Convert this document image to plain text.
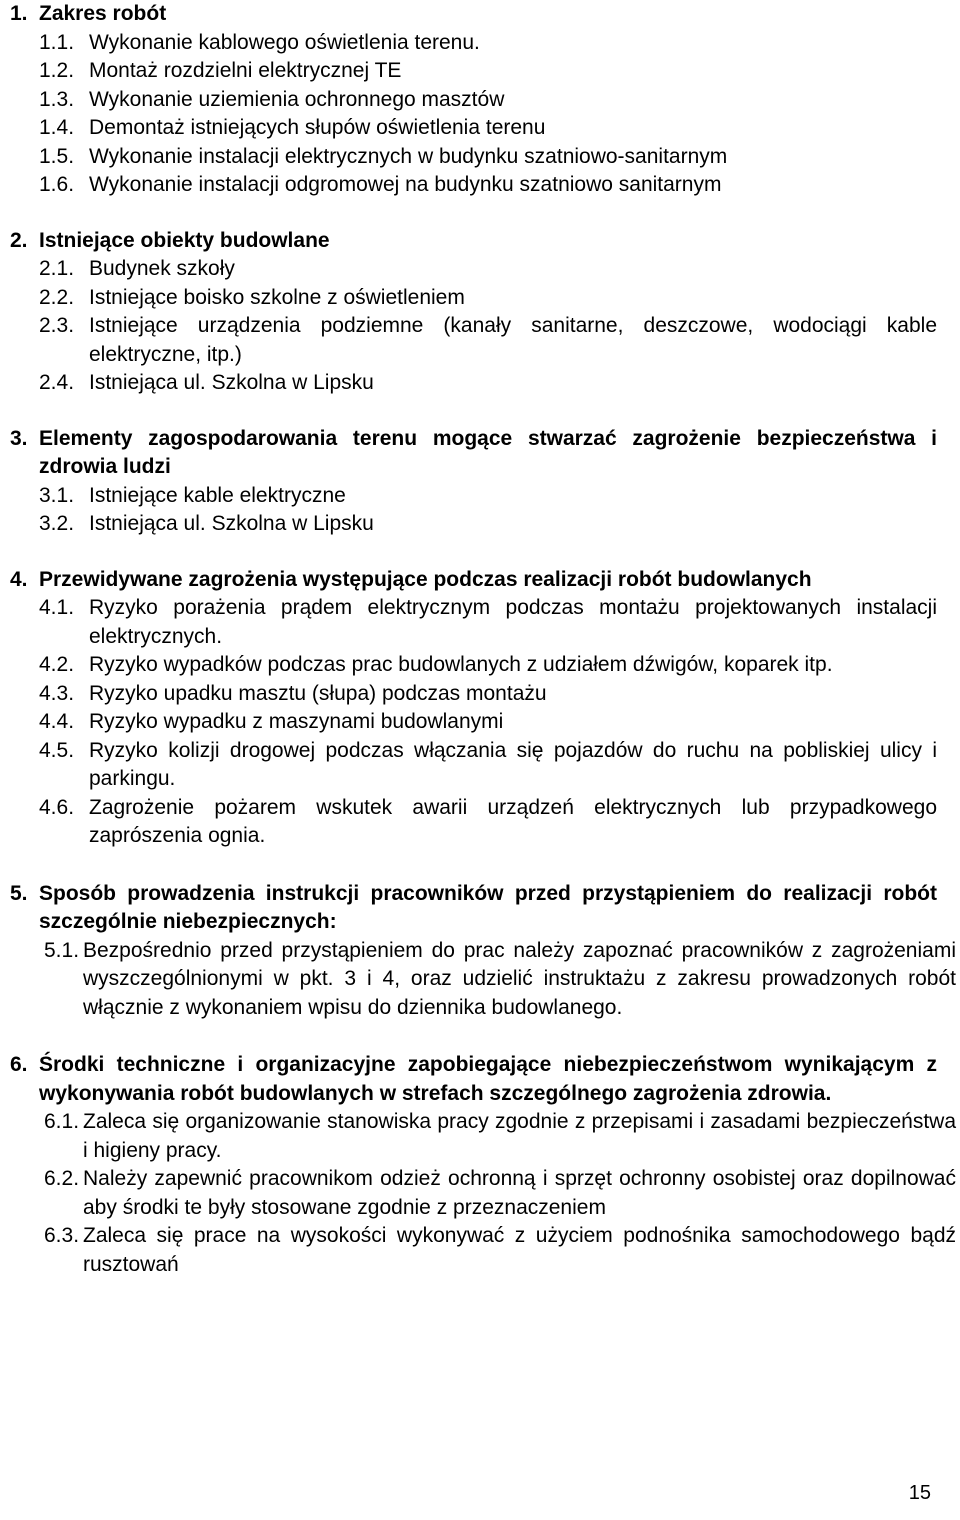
1. Zakres robót
1.1. Wykonanie kablowego oświetlenia terenu.
1.2. Montaż rozdzielni elektrycznej TE
1.3. Wykonanie uziemienia ochronnego masztów
1.4. Demontaż istniejących słupów oświetlenia terenu
1.5. Wykonanie instalacji elektrycznych w budynku szatniowo-sanitarnym
1.6. Wykonanie instalacji odgromowej na budynku szatniowo sanitarnym
2. Istniejące obiekty budowlane
2.1. Budynek szkoły
2.2. Istniejące boisko szkolne z oświetleniem
2.3. Istniejące urządzenia podziemne (kanały sanitarne, deszczowe, wodociągi kable elektryczne, itp.)
2.4. Istniejąca ul. Szkolna w Lipsku
3. Elementy zagospodarowania terenu mogące stwarzać zagrożenie bezpieczeństwa i zdrowia ludzi
3.1. Istniejące kable elektryczne
3.2. Istniejąca ul. Szkolna w Lipsku
4. Przewidywane zagrożenia występujące podczas realizacji robót budowlanych
4.1. Ryzyko porażenia prądem elektrycznym podczas montażu projektowanych instalacji elektrycznych.
4.2. Ryzyko wypadków podczas prac budowlanych z udziałem dźwigów, koparek itp.
4.3. Ryzyko upadku masztu (słupa) podczas montażu
4.4. Ryzyko wypadku z maszynami budowlanymi
4.5. Ryzyko kolizji drogowej podczas włączania się pojazdów do ruchu na pobliskiej ulicy i parkingu.
4.6. Zagrożenie pożarem wskutek awarii urządzeń elektrycznych lub przypadkowego zaprószenia ognia.
5. Sposób prowadzenia instrukcji pracowników przed przystąpieniem do realizacji robót szczególnie niebezpiecznych:
5.1. Bezpośrednio przed przystąpieniem do prac należy zapoznać pracowników z zagrożeniami wyszczególnionymi w pkt. 3 i 4, oraz udzielić instruktażu z zakresu prowadzonych robót włącznie z wykonaniem wpisu do dziennika budowlanego.
6. Środki techniczne i organizacyjne zapobiegające niebezpieczeństwom wynikającym z wykonywania robót budowlanych w strefach szczególnego zagrożenia zdrowia.
6.1. Zaleca się organizowanie stanowiska pracy zgodnie z przepisami i zasadami bezpieczeństwa i higieny pracy.
6.2. Należy zapewnić pracownikom odzież ochronną i sprzęt ochronny osobistej oraz dopilnować aby środki te były stosowane zgodnie z przeznaczeniem
6.3. Zaleca się prace na wysokości wykonywać z użyciem podnośnika samochodowego bądź rusztowań
15
